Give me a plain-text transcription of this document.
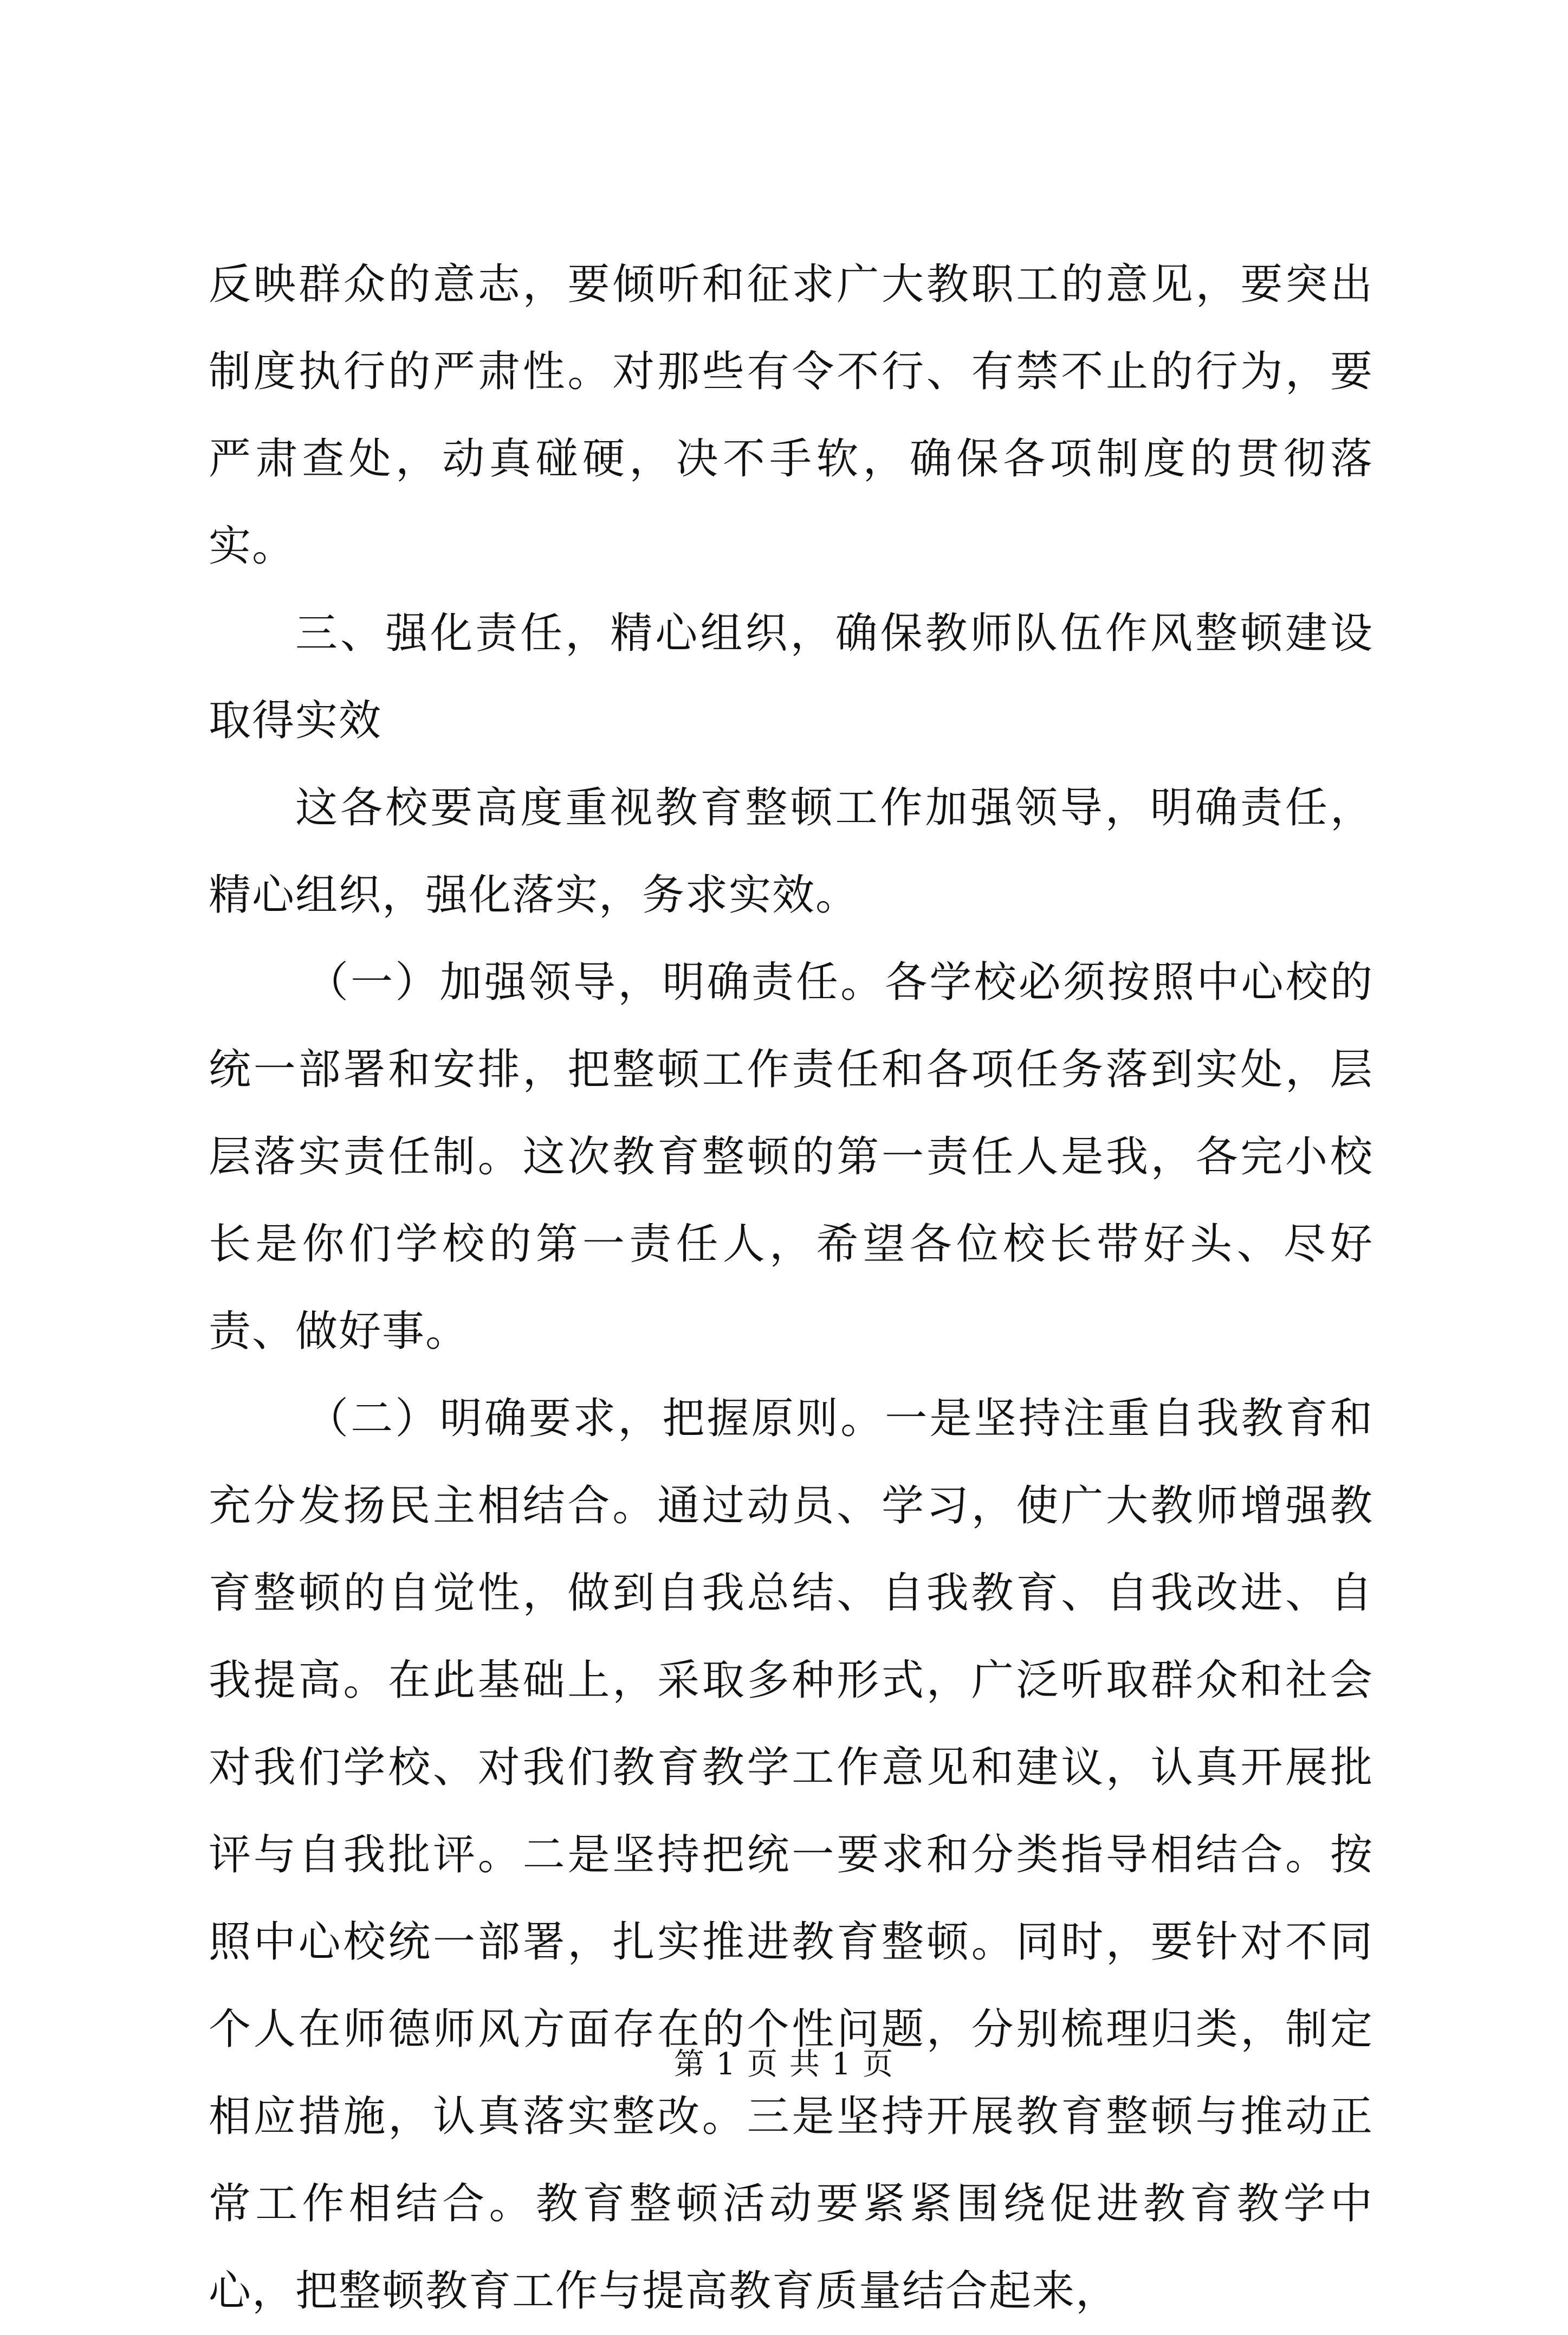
反映群众的意志，要倾听和征求广大教职工的意见，要突出制度执行的严肃性。对那些有令不行、有禁不止的行为，要严肃查处，动真碰硬，决不手软，确保各项制度的贯彻落实。

三、强化责任，精心组织，确保教师队伍作风整顿建设取得实效

这各校要高度重视教育整顿工作加强领导，明确责任，精心组织，强化落实，务求实效。

（一）加强领导，明确责任。各学校必须按照中心校的统一部署和安排，把整顿工作责任和各项任务落到实处，层层落实责任制。这次教育整顿的第一责任人是我，各完小校长是你们学校的第一责任人，希望各位校长带好头、尽好责、做好事。

（二）明确要求，把握原则。一是坚持注重自我教育和充分发扬民主相结合。通过动员、学习，使广大教师增强教育整顿的自觉性，做到自我总结、自我教育、自我改进、自我提高。在此基础上，采取多种形式，广泛听取群众和社会对我们学校、对我们教育教学工作意见和建议，认真开展批评与自我批评。二是坚持把统一要求和分类指导相结合。按照中心校统一部署，扎实推进教育整顿。同时，要针对不同个人在师德师风方面存在的个性问题，分别梳理归类，制定相应措施，认真落实整改。三是坚持开展教育整顿与推动正常工作相结合。教育整顿活动要紧紧围绕促进教育教学中心，把整顿教育工作与提高教育质量结合起来，

第 1 页 共 1 页
